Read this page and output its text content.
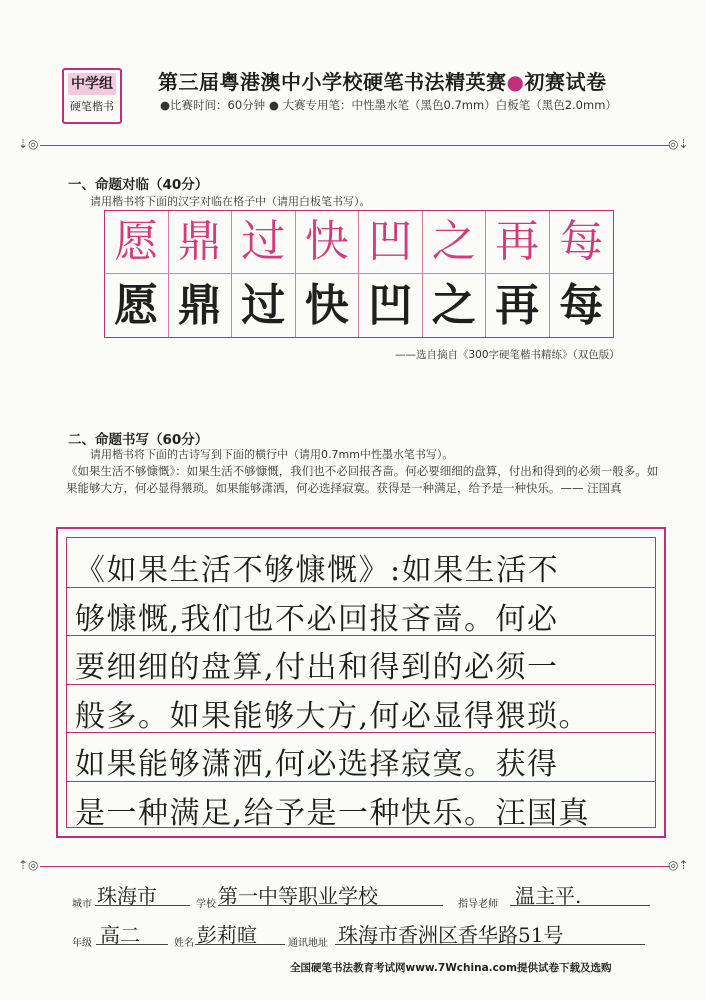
中学组
硬笔楷书
第三届粤港澳中小学校硬笔书法精英赛●初赛试卷
●比赛时间：60分钟 ● 大赛专用笔：中性墨水笔（黑色0.7mm）白板笔（黑色2.0mm）
⇣◎	◎⇣
一、命题对临（40分）
请用楷书将下面的汉字对临在格子中（请用白板笔书写）。
愿 鼎 过 快 凹 之 再 每
愿 鼎 过 快 凹 之 再 每
——选自摘自《300字硬笔楷书精练》（双色版）
二、命题书写（60分）
请用楷书将下面的古诗写到下面的横行中（请用0.7mm中性墨水笔书写）。
《如果生活不够慷慨》：如果生活不够慷慨，我们也不必回报吝啬。何必要细细的盘算，付出和得到的必须一般多。如果能够大方，何必显得猥琐。如果能够潇洒，何必选择寂寞。获得是一种满足，给予是一种快乐。—— 汪国真
《如果生活不够慷慨》:如果生活不
够慷慨,我们也不必回报吝啬。何必
要细细的盘算,付出和得到的必须一
般多。如果能够大方,何必显得猥琐。
如果能够潇洒,何必选择寂寞。获得
是一种满足,给予是一种快乐。汪国真
⇡◎	◎⇡
城市 珠海市	学校 第一中等职业学校	指导老师 温主平.
年级 高二	姓名 彭莉暄	通讯地址 珠海市香洲区香华路51号
全国硬笔书法教育考试网www.7Wchina.com提供试卷下载及选购
